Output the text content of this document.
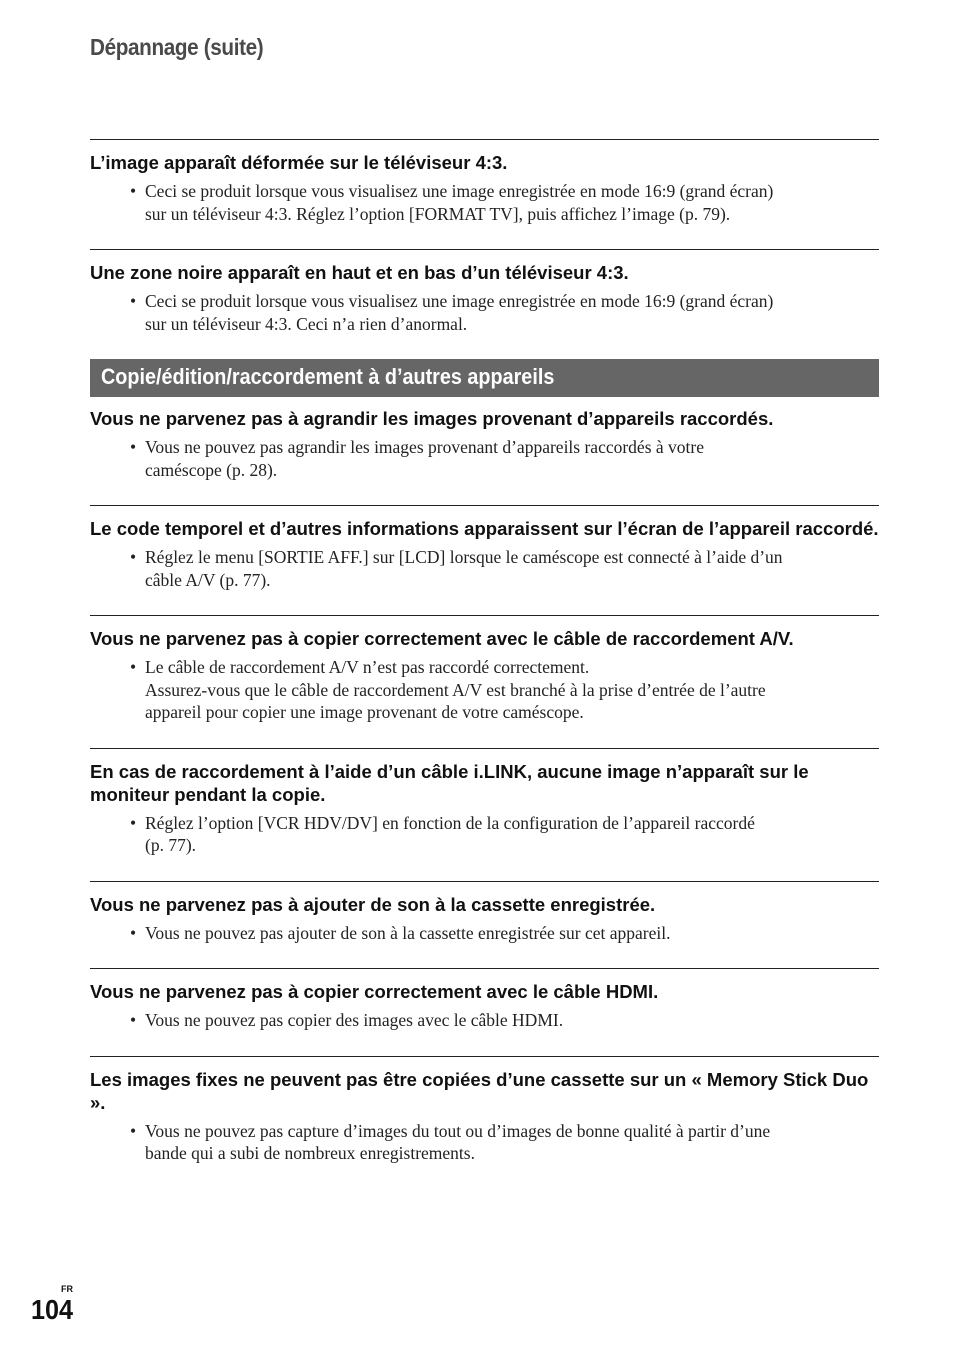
Dépannage (suite)
L’image apparaît déformée sur le téléviseur 4:3.
• Ceci se produit lorsque vous visualisez une image enregistrée en mode 16:9 (grand écran)
sur un téléviseur 4:3. Réglez l’option [FORMAT TV], puis affichez l’image (p. 79).
Une zone noire apparaît en haut et en bas d’un téléviseur 4:3.
• Ceci se produit lorsque vous visualisez une image enregistrée en mode 16:9 (grand écran)
sur un téléviseur 4:3. Ceci n’a rien d’anormal.
Copie/édition/raccordement à d’autres appareils
Vous ne parvenez pas à agrandir les images provenant d’appareils raccordés.
• Vous ne pouvez pas agrandir les images provenant d’appareils raccordés à votre
caméscope (p. 28).
Le code temporel et d’autres informations apparaissent sur l’écran de l’appareil raccordé.
• Réglez le menu [SORTIE AFF.] sur [LCD] lorsque le caméscope est connecté à l’aide d’un
câble A/V (p. 77).
Vous ne parvenez pas à copier correctement avec le câble de raccordement A/V.
• Le câble de raccordement A/V n’est pas raccordé correctement.
Assurez-vous que le câble de raccordement A/V est branché à la prise d’entrée de l’autre
appareil pour copier une image provenant de votre caméscope.
En cas de raccordement à l’aide d’un câble i.LINK, aucune image n’apparaît sur le moniteur pendant la copie.
• Réglez l’option [VCR HDV/DV] en fonction de la configuration de l’appareil raccordé
(p. 77).
Vous ne parvenez pas à ajouter de son à la cassette enregistrée.
• Vous ne pouvez pas ajouter de son à la cassette enregistrée sur cet appareil.
Vous ne parvenez pas à copier correctement avec le câble HDMI.
• Vous ne pouvez pas copier des images avec le câble HDMI.
Les images fixes ne peuvent pas être copiées d’une cassette sur un « Memory Stick Duo ».
• Vous ne pouvez pas capture d’images du tout ou d’images de bonne qualité à partir d’une
bande qui a subi de nombreux enregistrements.
FR
104
